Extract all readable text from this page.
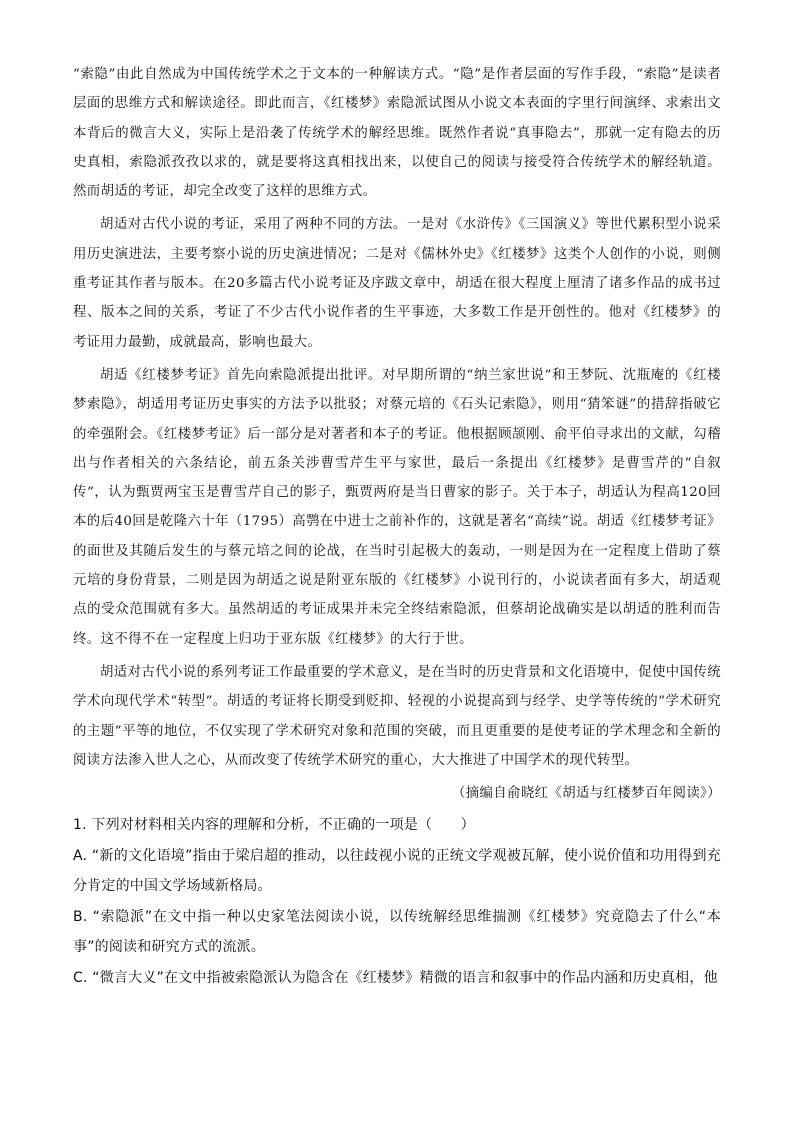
“索隐”由此自然成为中国传统学术之于文本的一种解读方式。“隐”是作者层面的写作手段，“索隐”是读者层面的思维方式和解读途径。即此而言，《红楼梦》索隐派试图从小说文本表面的字里行间演绎、求索出文本背后的微言大义，实际上是沿袭了传统学术的解经思维。既然作者说“真事隐去”，那就一定有隐去的历史真相，索隐派孜孜以求的，就是要将这真相找出来，以使自己的阅读与接受符合传统学术的解经轨道。然而胡适的考证，却完全改变了这样的思维方式。

胡适对古代小说的考证，采用了两种不同的方法。一是对《水浒传》《三国演义》等世代累积型小说采用历史演进法，主要考察小说的历史演进情况；二是对《儒林外史》《红楼梦》这类个人创作的小说，则侧重考证其作者与版本。在20多篇古代小说考证及序跋文章中，胡适在很大程度上厘清了诸多作品的成书过程、版本之间的关系，考证了不少古代小说作者的生平事迹，大多数工作是开创性的。他对《红楼梦》的考证用力最勤，成就最高，影响也最大。

胡适《红楼梦考证》首先向索隐派提出批评。对早期所谓的“纳兰家世说”和王梦阮、沈瓶庵的《红楼梦索隐》，胡适用考证历史事实的方法予以批驳；对蔡元培的《石头记索隐》，则用“猜笨谜”的措辞指破它的牵强附会。《红楼梦考证》后一部分是对著者和本子的考证。他根据顾颉刚、俞平伯寻求出的文献，勾稽出与作者相关的六条结论，前五条关涉曹雪芹生平与家世，最后一条提出《红楼梦》是曹雪芹的“自叙传”，认为甄贾两宝玉是曹雪芹自己的影子，甄贾两府是当日曹家的影子。关于本子，胡适认为程高120回本的后40回是乾隆六十年（1795）高鹗在中进士之前补作的，这就是著名“高续”说。胡适《红楼梦考证》的面世及其随后发生的与蔡元培之间的论战，在当时引起极大的轰动，一则是因为在一定程度上借助了蔡元培的身份背景，二则是因为胡适之说是附亚东版的《红楼梦》小说刊行的，小说读者面有多大，胡适观点的受众范围就有多大。虽然胡适的考证成果并未完全终结索隐派，但蔡胡论战确实是以胡适的胜利而告终。这不得不在一定程度上归功于亚东版《红楼梦》的大行于世。

胡适对古代小说的系列考证工作最重要的学术意义，是在当时的历史背景和文化语境中，促使中国传统学术向现代学术“转型”。胡适的考证将长期受到贬抑、轻视的小说提高到与经学、史学等传统的“学术研究的主题”平等的地位，不仅实现了学术研究对象和范围的突破，而且更重要的是使考证的学术理念和全新的阅读方法渗入世人之心，从而改变了传统学术研究的重心，大大推进了中国学术的现代转型。

（摘编自俞晓红《胡适与红楼梦百年阅读》）

1. 下列对材料相关内容的理解和分析，不正确的一项是（　　）

A. “新的文化语境”指由于梁启超的推动，以往歧视小说的正统文学观被瓦解，使小说价值和功用得到充分肯定的中国文学场域新格局。

B. “索隐派”在文中指一种以史家笔法阅读小说，以传统解经思维揣测《红楼梦》究竟隐去了什么“本事”的阅读和研究方式的流派。

C. “微言大义”在文中指被索隐派认为隐含在《红楼梦》精微的语言和叙事中的作品内涵和历史真相，他
